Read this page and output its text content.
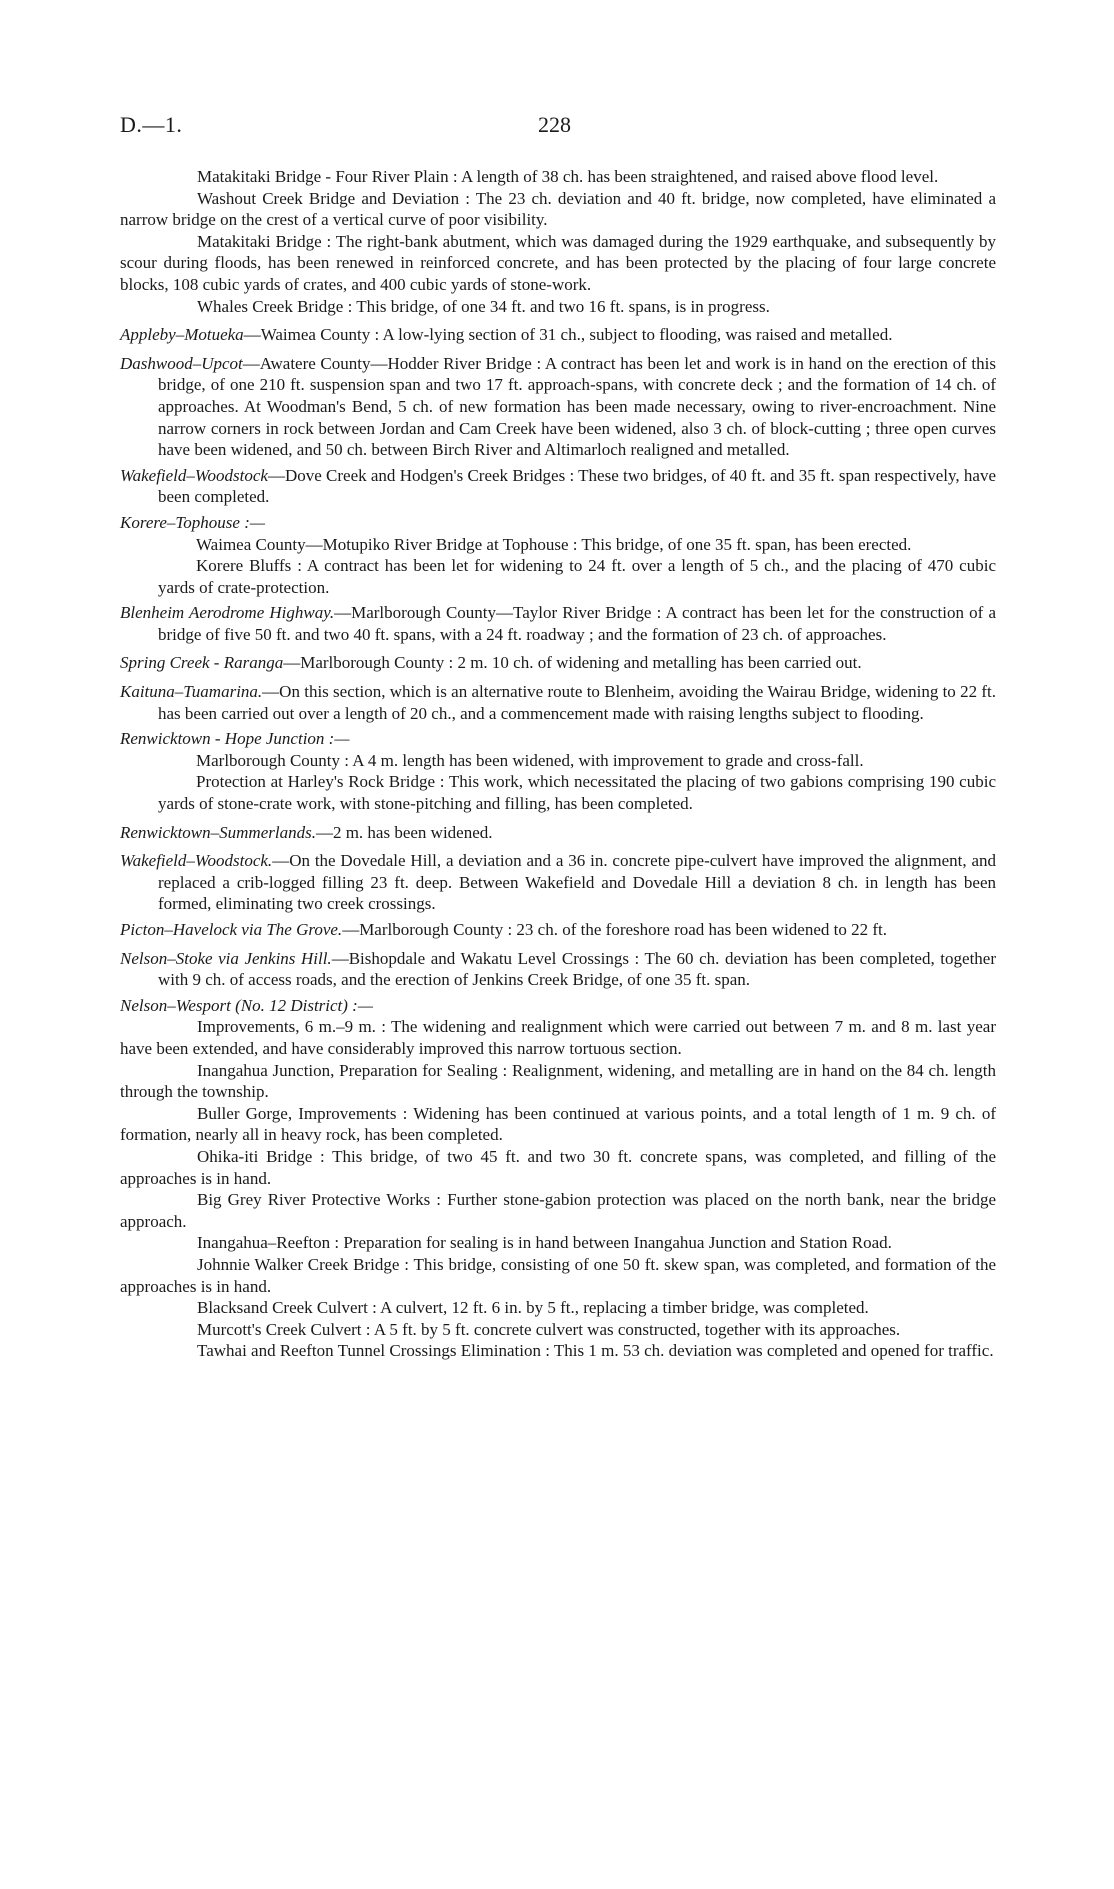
D.—1.	228

Matakitaki Bridge - Four River Plain : A length of 38 ch. has been straightened, and raised above flood level.

Washout Creek Bridge and Deviation : The 23 ch. deviation and 40 ft. bridge, now completed, have eliminated a narrow bridge on the crest of a vertical curve of poor visibility.

Matakitaki Bridge : The right-bank abutment, which was damaged during the 1929 earthquake, and subsequently by scour during floods, has been renewed in reinforced concrete, and has been protected by the placing of four large concrete blocks, 108 cubic yards of crates, and 400 cubic yards of stone-work.

Whales Creek Bridge : This bridge, of one 34 ft. and two 16 ft. spans, is in progress.

Appleby–Motueka—Waimea County : A low-lying section of 31 ch., subject to flooding, was raised and metalled.

Dashwood–Upcot—Awatere County—Hodder River Bridge : A contract has been let and work is in hand on the erection of this bridge, of one 210 ft. suspension span and two 17 ft. approach-spans, with concrete deck ; and the formation of 14 ch. of approaches. At Woodman's Bend, 5 ch. of new formation has been made necessary, owing to river-encroachment. Nine narrow corners in rock between Jordan and Cam Creek have been widened, also 3 ch. of block-cutting ; three open curves have been widened, and 50 ch. between Birch River and Altimarloch realigned and metalled.

Wakefield–Woodstock—Dove Creek and Hodgen's Creek Bridges : These two bridges, of 40 ft. and 35 ft. span respectively, have been completed.

Korere–Tophouse :—

Waimea County—Motupiko River Bridge at Tophouse : This bridge, of one 35 ft. span, has been erected.

Korere Bluffs : A contract has been let for widening to 24 ft. over a length of 5 ch., and the placing of 470 cubic yards of crate-protection.

Blenheim Aerodrome Highway.—Marlborough County—Taylor River Bridge : A contract has been let for the construction of a bridge of five 50 ft. and two 40 ft. spans, with a 24 ft. roadway ; and the formation of 23 ch. of approaches.

Spring Creek - Raranga—Marlborough County : 2 m. 10 ch. of widening and metalling has been carried out.

Kaituna–Tuamarina.—On this section, which is an alternative route to Blenheim, avoiding the Wairau Bridge, widening to 22 ft. has been carried out over a length of 20 ch., and a commencement made with raising lengths subject to flooding.

Renwicktown - Hope Junction :—

Marlborough County : A 4 m. length has been widened, with improvement to grade and cross-fall.

Protection at Harley's Rock Bridge : This work, which necessitated the placing of two gabions comprising 190 cubic yards of stone-crate work, with stone-pitching and filling, has been completed.

Renwicktown–Summerlands.—2 m. has been widened.

Wakefield–Woodstock.—On the Dovedale Hill, a deviation and a 36 in. concrete pipe-culvert have improved the alignment, and replaced a crib-logged filling 23 ft. deep. Between Wakefield and Dovedale Hill a deviation 8 ch. in length has been formed, eliminating two creek crossings.

Picton–Havelock via The Grove.—Marlborough County : 23 ch. of the foreshore road has been widened to 22 ft.

Nelson–Stoke via Jenkins Hill.—Bishopdale and Wakatu Level Crossings : The 60 ch. deviation has been completed, together with 9 ch. of access roads, and the erection of Jenkins Creek Bridge, of one 35 ft. span.

Nelson–Wesport (No. 12 District) :—

Improvements, 6 m.–9 m. : The widening and realignment which were carried out between 7 m. and 8 m. last year have been extended, and have considerably improved this narrow tortuous section.

Inangahua Junction, Preparation for Sealing : Realignment, widening, and metalling are in hand on the 84 ch. length through the township.

Buller Gorge, Improvements : Widening has been continued at various points, and a total length of 1 m. 9 ch. of formation, nearly all in heavy rock, has been completed.

Ohika-iti Bridge : This bridge, of two 45 ft. and two 30 ft. concrete spans, was completed, and filling of the approaches is in hand.

Big Grey River Protective Works : Further stone-gabion protection was placed on the north bank, near the bridge approach.

Inangahua–Reefton : Preparation for sealing is in hand between Inangahua Junction and Station Road.

Johnnie Walker Creek Bridge : This bridge, consisting of one 50 ft. skew span, was completed, and formation of the approaches is in hand.

Blacksand Creek Culvert : A culvert, 12 ft. 6 in. by 5 ft., replacing a timber bridge, was completed.

Murcott's Creek Culvert : A 5 ft. by 5 ft. concrete culvert was constructed, together with its approaches.

Tawhai and Reefton Tunnel Crossings Elimination : This 1 m. 53 ch. deviation was completed and opened for traffic.
